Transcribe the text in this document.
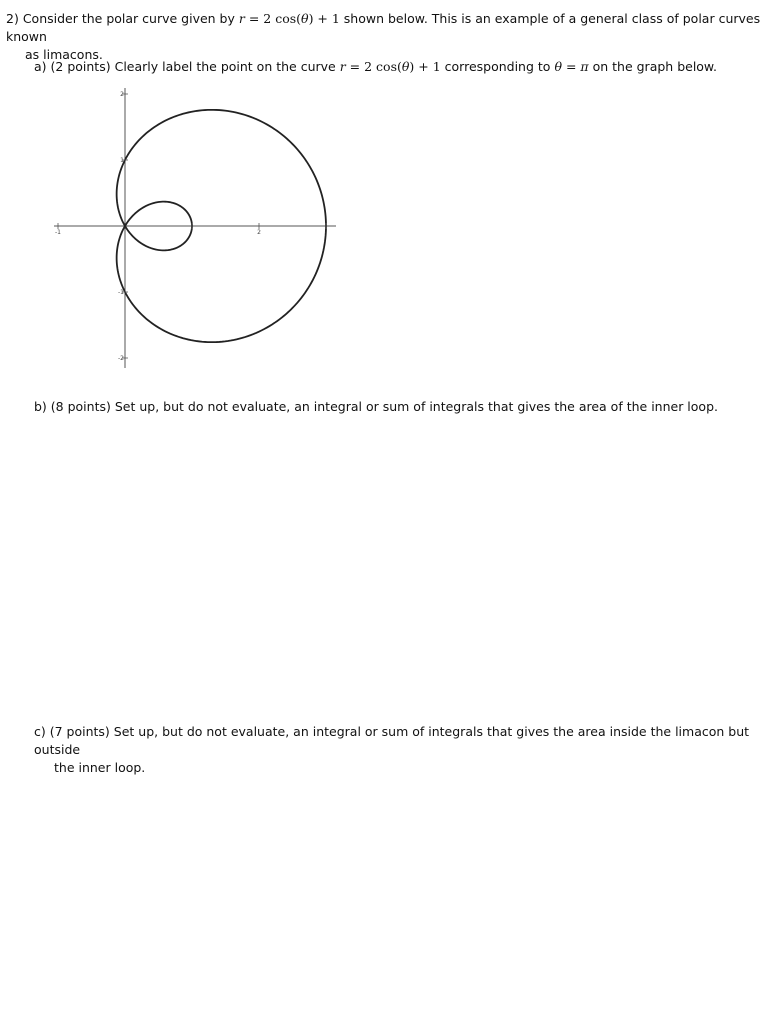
2) Consider the polar curve given by r = 2 cos(θ) + 1 shown below. This is an example of a general class of polar curves known

as limacons.

a) (2 points) Clearly label the point on the curve r = 2 cos(θ) + 1 corresponding to θ = π on the graph below.

-1	2
2
1
-1
-2

b) (8 points) Set up, but do not evaluate, an integral or sum of integrals that gives the area of the inner loop.

c) (7 points) Set up, but do not evaluate, an integral or sum of integrals that gives the area inside the limacon but outside

the inner loop.
